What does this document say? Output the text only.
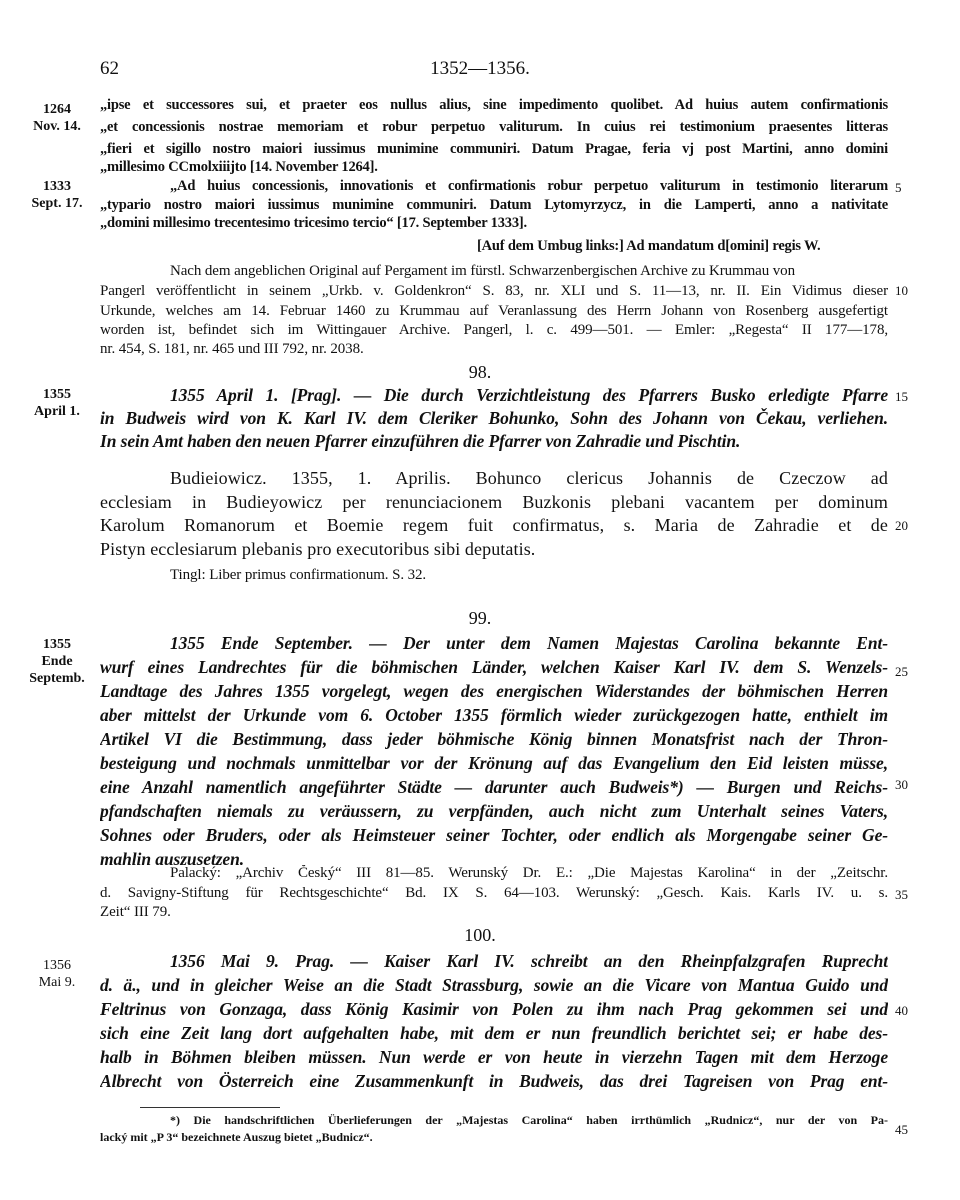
62	1352—1356.
1264
Nov. 14.
1333
Sept. 17.
„ipse et successores sui, et praeter eos nullus alius, sine impedimento quolibet. Ad huius autem confirmationis
„et concessionis nostrae memoriam et robur perpetuo valiturum. In cuius rei testimonium praesentes litteras
„fieri et sigillo nostro maiori iussimus munimine communiri. Datum Pragae, feria vj post Martini, anno domini
„millesimo CCmolxiiijto [14. November 1264].
„Ad huius concessionis, innovationis et confirmationis robur perpetuo valiturum in testimonio literarum
„typario nostro maiori iussimus munimine communiri. Datum Lytomyrzycz, in die Lamperti, anno a nativitate
„domini millesimo trecentesimo tricesimo tercio“ [17. September 1333].
[Auf dem Umbug links:] Ad mandatum d[omini] regis W.
Nach dem angeblichen Original auf Pergament im fürstl. Schwarzenbergischen Archive zu Krummau von
Pangerl veröffentlicht in seinem „Urkb. v. Goldenkron“ S. 83, nr. XLI und S. 11—13, nr. II. Ein Vidimus dieser
Urkunde, welches am 14. Februar 1460 zu Krummau auf Veranlassung des Herrn Johann von Rosenberg ausgefertigt
worden ist, befindet sich im Wittingauer Archive. Pangerl, l. c. 499—501. — Emler: „Regesta“ II 177—178,
nr. 454, S. 181, nr. 465 und III 792, nr. 2038.
98.
1355
April 1.
1355 April 1. [Prag]. — Die durch Verzichtleistung des Pfarrers Busko erledigte Pfarre
in Budweis wird von K. Karl IV. dem Cleriker Bohunko, Sohn des Johann von Čekau, verliehen.
In sein Amt haben den neuen Pfarrer einzuführen die Pfarrer von Zahradie und Pischtin.
Budieiowicz. 1355, 1. Aprilis. Bohunco clericus Johannis de Czeczow ad
ecclesiam in Budieyowicz per renunciacionem Buzkonis plebani vacantem per dominum
Karolum Romanorum et Boemie regem fuit confirmatus, s. Maria de Zahradie et de
Pistyn ecclesiarum plebanis pro executoribus sibi deputatis.
Tingl: Liber primus confirmationum. S. 32.
99.
1355
Ende
Septemb.
1355 Ende September. — Der unter dem Namen Majestas Carolina bekannte Ent-
wurf eines Landrechtes für die böhmischen Länder, welchen Kaiser Karl IV. dem S. Wenzels-
Landtage des Jahres 1355 vorgelegt, wegen des energischen Widerstandes der böhmischen Herren
aber mittelst der Urkunde vom 6. October 1355 förmlich wieder zurückgezogen hatte, enthielt im
Artikel VI die Bestimmung, dass jeder böhmische König binnen Monatsfrist nach der Thron-
besteigung und nochmals unmittelbar vor der Krönung auf das Evangelium den Eid leisten müsse,
eine Anzahl namentlich angeführter Städte — darunter auch Budweis*) — Burgen und Reichs-
pfandschaften niemals zu veräussern, zu verpfänden, auch nicht zum Unterhalt seines Vaters,
Sohnes oder Bruders, oder als Heimsteuer seiner Tochter, oder endlich als Morgengabe seiner Ge-
mahlin auszusetzen.
Palacký: „Archiv Český“ III 81—85. Werunský Dr. E.: „Die Majestas Karolina“ in der „Zeitschr.
d. Savigny-Stiftung für Rechtsgeschichte“ Bd. IX S. 64—103. Werunský: „Gesch. Kais. Karls IV. u. s.
Zeit“ III 79.
100.
1356
Mai 9.
1356 Mai 9. Prag. — Kaiser Karl IV. schreibt an den Rheinpfalzgrafen Ruprecht
d. ä., und in gleicher Weise an die Stadt Strassburg, sowie an die Vicare von Mantua Guido und
Feltrinus von Gonzaga, dass König Kasimir von Polen zu ihm nach Prag gekommen sei und
sich eine Zeit lang dort aufgehalten habe, mit dem er nun freundlich berichtet sei; er habe des-
halb in Böhmen bleiben müssen. Nun werde er von heute in vierzehn Tagen mit dem Herzoge
Albrecht von Österreich eine Zusammenkunft in Budweis, das drei Tagreisen von Prag ent-
*) Die handschriftlichen Überlieferungen der „Majestas Carolina“ haben irrthümlich „Rudnicz“, nur der von Pa-
lacký mit „P 3“ bezeichnete Auszug bietet „Budnicz“.
5
10
15
20
25
30
35
40
45
